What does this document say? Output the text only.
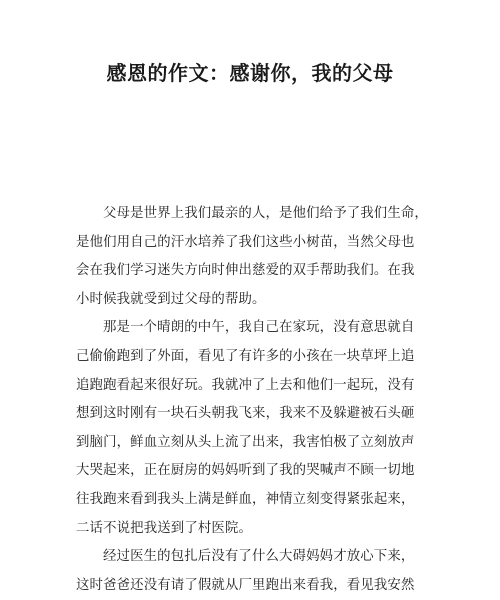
感恩的作文：感谢你，我的父母
父母是世界上我们最亲的人，是他们给予了我们生命，
是他们用自己的汗水培养了我们这些小树苗，当然父母也
会在我们学习迷失方向时伸出慈爱的双手帮助我们。在我
小时候我就受到过父母的帮助。
那是一个晴朗的中午，我自己在家玩，没有意思就自
己偷偷跑到了外面，看见了有许多的小孩在一块草坪上追
追跑跑看起来很好玩。我就冲了上去和他们一起玩，没有
想到这时刚有一块石头朝我飞来，我来不及躲避被石头砸
到脑门，鲜血立刻从头上流了出来，我害怕极了立刻放声
大哭起来，正在厨房的妈妈听到了我的哭喊声不顾一切地
往我跑来看到我头上满是鲜血，神情立刻变得紧张起来，
二话不说把我送到了村医院。
经过医生的包扎后没有了什么大碍妈妈才放心下来，
这时爸爸还没有请了假就从厂里跑出来看我，看见我安然
